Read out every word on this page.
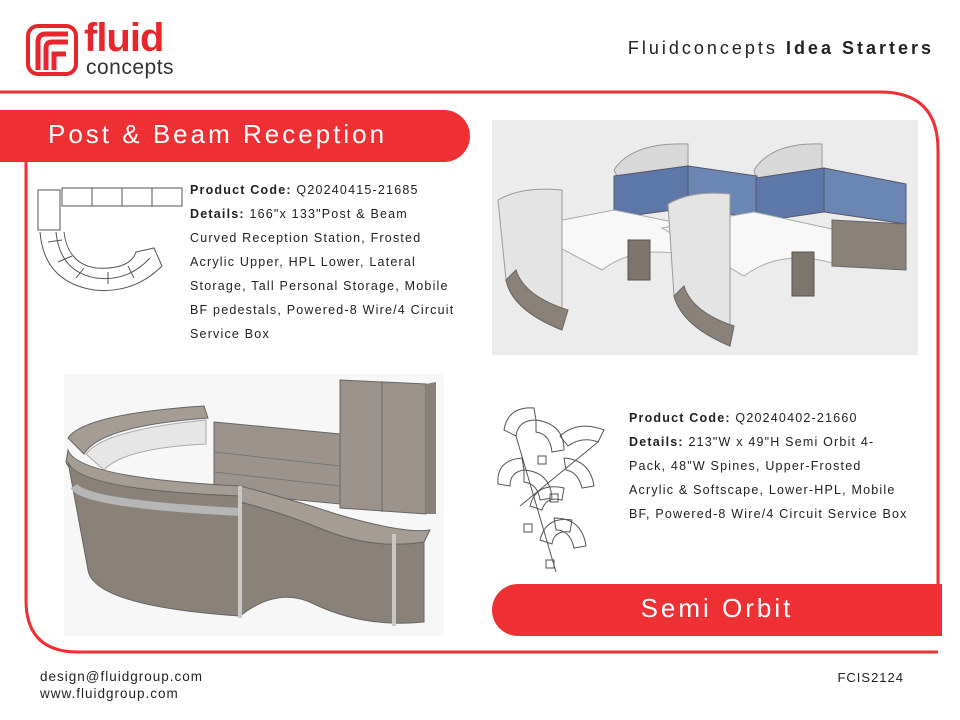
fluid
concepts
Fluidconcepts Idea Starters
Post & Beam Reception
Product Code: Q20240415-21685
Details: 166"x 133"Post & Beam Curved Reception Station, Frosted Acrylic Upper, HPL Lower, Lateral Storage, Tall Personal Storage, Mobile BF pedestals, Powered-8 Wire/4 Circuit Service Box
Product Code: Q20240402-21660
Details: 213"W x 49"H Semi Orbit 4-Pack, 48"W Spines, Upper-Frosted Acrylic & Softscape, Lower-HPL, Mobile BF, Powered-8 Wire/4 Circuit Service Box
Semi Orbit
design@fluidgroup.com
www.fluidgroup.com
FCIS2124
